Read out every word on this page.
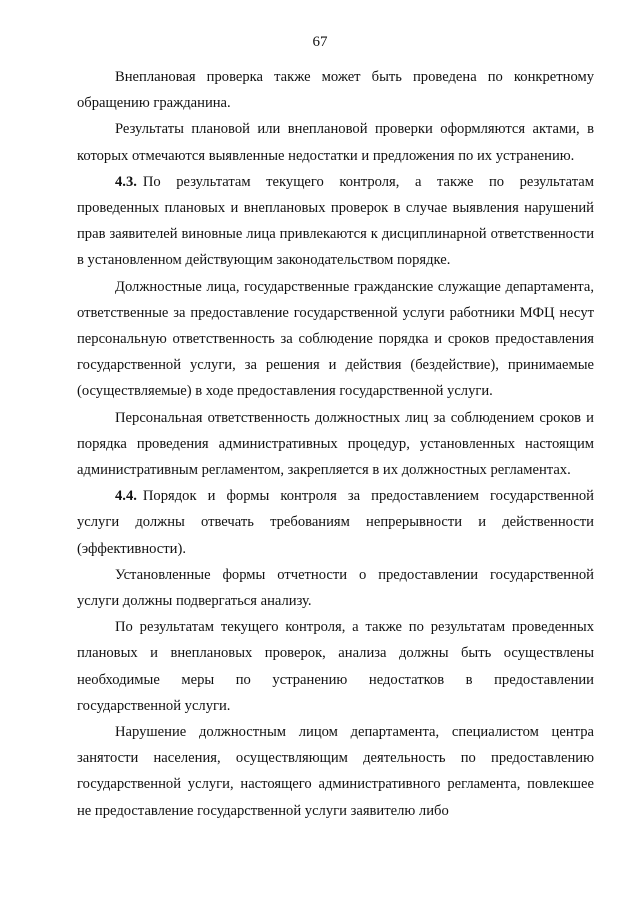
67

Внеплановая проверка также может быть проведена по конкретному обращению гражданина.

Результаты плановой или внеплановой проверки оформляются актами, в которых отмечаются выявленные недостатки и предложения по их устранению.

4.3. По результатам текущего контроля, а также по результатам проведенных плановых и внеплановых проверок в случае выявления нарушений прав заявителей виновные лица привлекаются к дисциплинарной ответственности в установленном действующим законодательством порядке.

Должностные лица, государственные гражданские служащие департамента, ответственные за предоставление государственной услуги работники МФЦ несут персональную ответственность за соблюдение порядка и сроков предоставления государственной услуги, за решения и действия (бездействие), принимаемые (осуществляемые) в ходе предоставления государственной услуги.

Персональная ответственность должностных лиц за соблюдением сроков и порядка проведения административных процедур, установленных настоящим административным регламентом, закрепляется в их должностных регламентах.

4.4. Порядок и формы контроля за предоставлением государственной услуги должны отвечать требованиям непрерывности и действенности (эффективности).

Установленные формы отчетности о предоставлении государственной услуги должны подвергаться анализу.

По результатам текущего контроля, а также по результатам проведенных плановых и внеплановых проверок, анализа должны быть осуществлены необходимые меры по устранению недостатков в предоставлении государственной услуги.

Нарушение должностным лицом департамента, специалистом центра занятости населения, осуществляющим деятельность по предоставлению государственной услуги, настоящего административного регламента, повлекшее не предоставление государственной услуги заявителю либо
